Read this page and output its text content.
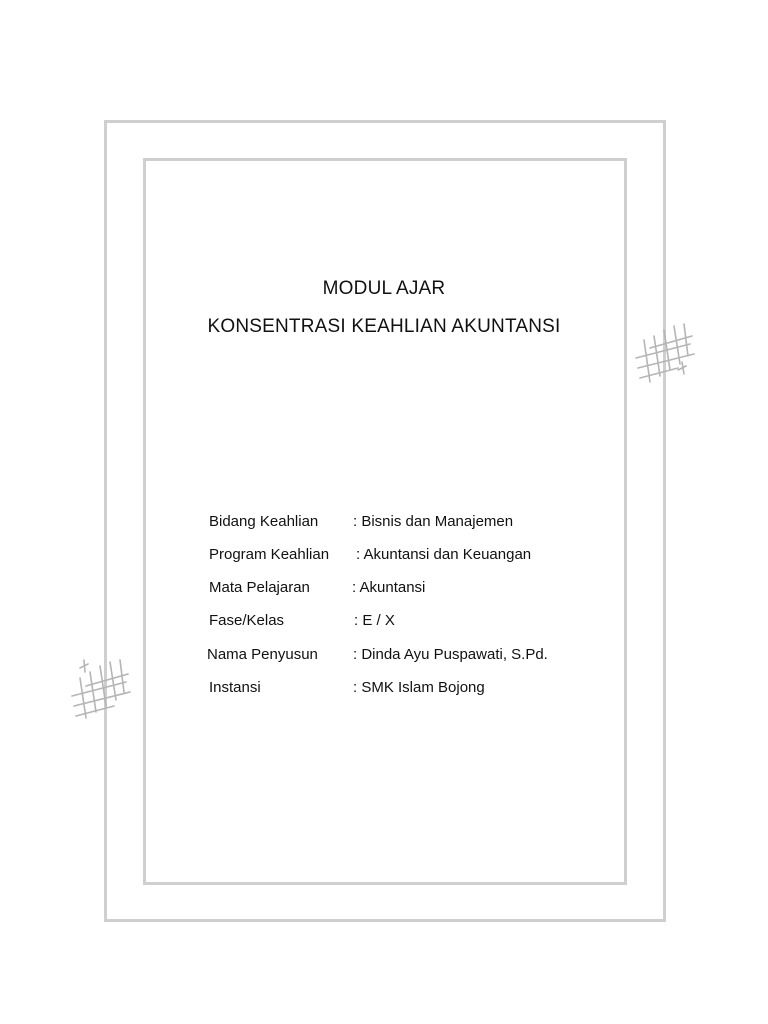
MODUL AJAR
KONSENTRASI KEAHLIAN AKUNTANSI
Bidang Keahlian : Bisnis dan Manajemen
Program Keahlian : Akuntansi dan Keuangan
Mata Pelajaran	: Akuntansi
Fase/Kelas	: E / X
Nama Penyusun : Dinda Ayu Puspawati, S.Pd.
Instansi	: SMK Islam Bojong
